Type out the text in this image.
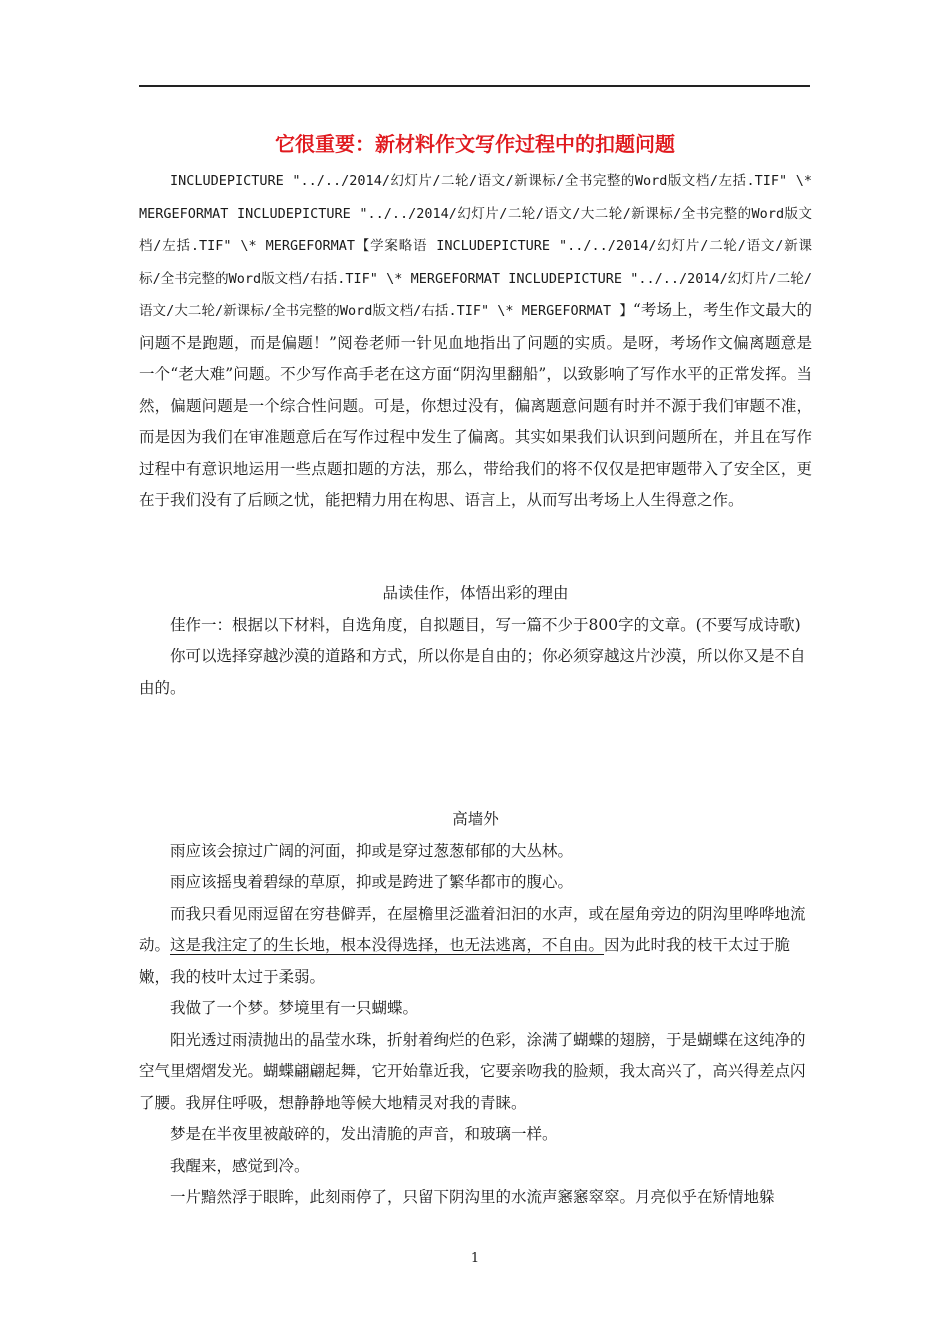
它很重要：新材料作文写作过程中的扣题问题

INCLUDEPICTURE "../../2014/幻灯片/二轮/语文/新课标/全书完整的Word版文档/左括.TIF" \* MERGEFORMAT INCLUDEPICTURE "../../2014/幻灯片/二轮/语文/大二轮/新课标/全书完整的Word版文档/左括.TIF" \* MERGEFORMAT【学案略语 INCLUDEPICTURE "../../2014/幻灯片/二轮/语文/新课标/全书完整的Word版文档/右括.TIF" \* MERGEFORMAT INCLUDEPICTURE "../../2014/幻灯片/二轮/语文/大二轮/新课标/全书完整的Word版文档/右括.TIF" \* MERGEFORMAT 】“考场上，考生作文最大的问题不是跑题，而是偏题！”阅卷老师一针见血地指出了问题的实质。是呀，考场作文偏离题意是一个“老大难”问题。不少写作高手老在这方面“阴沟里翻船”，以致影响了写作水平的正常发挥。当然，偏题问题是一个综合性问题。可是，你想过没有，偏离题意问题有时并不源于我们审题不准，而是因为我们在审准题意后在写作过程中发生了偏离。其实如果我们认识到问题所在，并且在写作过程中有意识地运用一些点题扣题的方法，那么，带给我们的将不仅仅是把审题带入了安全区，更在于我们没有了后顾之忧，能把精力用在构思、语言上，从而写出考场上人生得意之作。

品读佳作，体悟出彩的理由

佳作一：根据以下材料，自选角度，自拟题目，写一篇不少于800字的文章。(不要写成诗歌)

你可以选择穿越沙漠的道路和方式，所以你是自由的；你必须穿越这片沙漠，所以你又是不自由的。

高墙外

雨应该会掠过广阔的河面，抑或是穿过葱葱郁郁的大丛林。

雨应该摇曳着碧绿的草原，抑或是跨进了繁华都市的腹心。

而我只看见雨逗留在穷巷僻弄，在屋檐里泛滥着汩汩的水声，或在屋角旁边的阴沟里哗哗地流动。这是我注定了的生长地，根本没得选择，也无法逃离，不自由。因为此时我的枝干太过于脆嫩，我的枝叶太过于柔弱。

我做了一个梦。梦境里有一只蝴蝶。

阳光透过雨渍抛出的晶莹水珠，折射着绚烂的色彩，涂满了蝴蝶的翅膀，于是蝴蝶在这纯净的空气里熠熠发光。蝴蝶翩翩起舞，它开始靠近我，它要亲吻我的脸颊，我太高兴了，高兴得差点闪了腰。我屏住呼吸，想静静地等候大地精灵对我的青睐。

梦是在半夜里被敲碎的，发出清脆的声音，和玻璃一样。

我醒来，感觉到冷。

一片黯然浮于眼眸，此刻雨停了，只留下阴沟里的水流声窸窸窣窣。月亮似乎在矫情地躲

1
